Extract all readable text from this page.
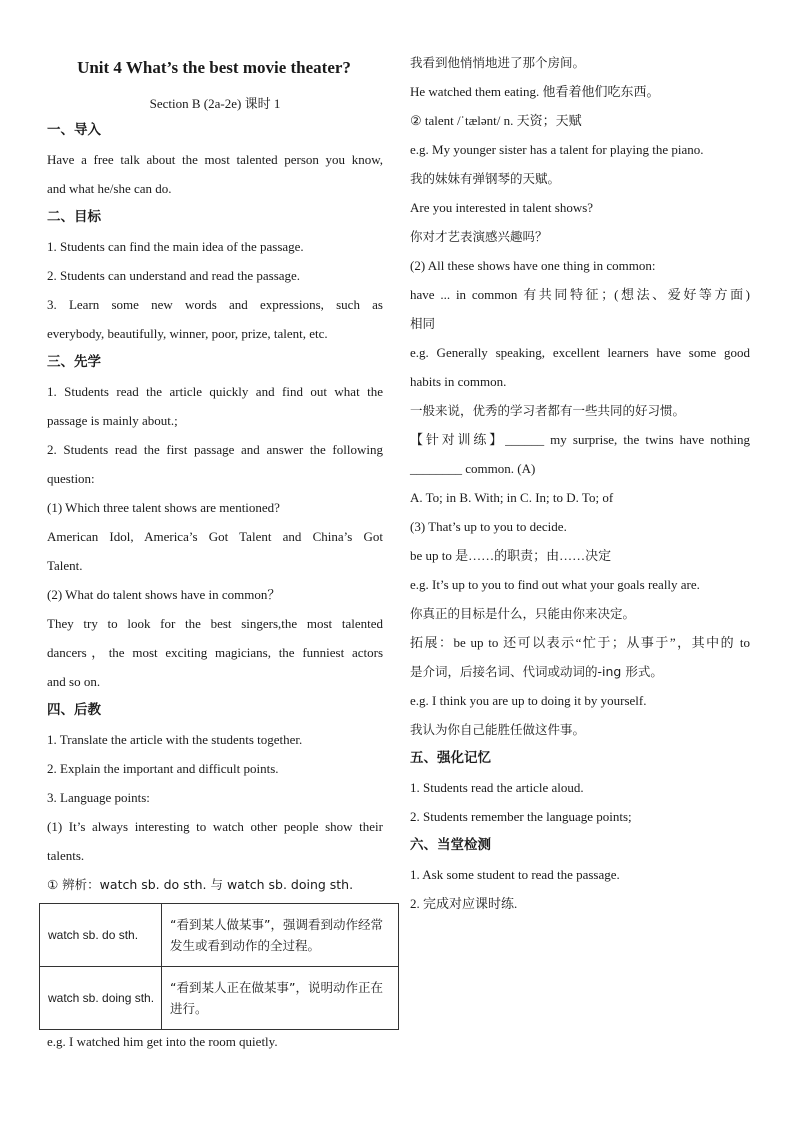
Unit 4 What’s the best movie theater?
Section B (2a-2e) 课时 1
一、导入
Have a free talk about the most talented person you know,
and what he/she can do.
二、目标
1. Students can find the main idea of the passage.
2. Students can understand and read the passage.
3. Learn some new words and expressions, such as
everybody, beautifully, winner, poor, prize, talent, etc.
三、先学
1. Students read the article quickly and find out what the
passage is mainly about.;
2. Students read the first passage and answer the following
question:
(1) Which three talent shows are mentioned?
American Idol, America’s Got Talent and China’s Got
Talent.
(2) What do talent shows have in common？
They try to look for the best singers,the most talented
dancers，the most exciting magicians, the funniest actors
and so on.
四、后教
1. Translate the article with the students together.
2. Explain the important and difficult points.
3. Language points:
(1) It’s always interesting to watch other people show their
talents.
① 辨析：watch sb. do sth. 与 watch sb. doing sth.
watch sb. do sth.	“看到某人做某事”，强调看到动作经常发生或看到动作的全过程。
watch sb. doing sth.	“看到某人正在做某事”，说明动作正在进行。
e.g. I watched him get into the room quietly.
我看到他悄悄地进了那个房间。
He watched them eating. 他看着他们吃东西。
② talent /ˈtælənt/ n. 天资；天赋
e.g. My younger sister has a talent for playing the piano.
我的妹妹有弹钢琴的天赋。
Are you interested in talent shows?
你对才艺表演感兴趣吗？
(2) All these shows have one thing in common:
have ... in common 有共同特征；(想法、爱好等方面)
相同
e.g. Generally speaking, excellent learners have some good
habits in common.
一般来说，优秀的学习者都有一些共同的好习惯。
【针对训练】______ my surprise, the twins have nothing
________ common. (A)
A. To; in B. With; in C. In; to D. To; of
(3) That’s up to you to decide.
be up to 是……的职责；由……决定
e.g. It’s up to you to find out what your goals really are.
你真正的目标是什么，只能由你来决定。
拓展：be up to 还可以表示“忙于；从事于”，其中的 to
是介词，后接名词、代词或动词的-ing 形式。
e.g. I think you are up to doing it by yourself.
我认为你自己能胜任做这件事。
五、强化记忆
1. Students read the article aloud.
2. Students remember the language points;
六、当堂检测
1. Ask some student to read the passage.
2. 完成对应课时练.
